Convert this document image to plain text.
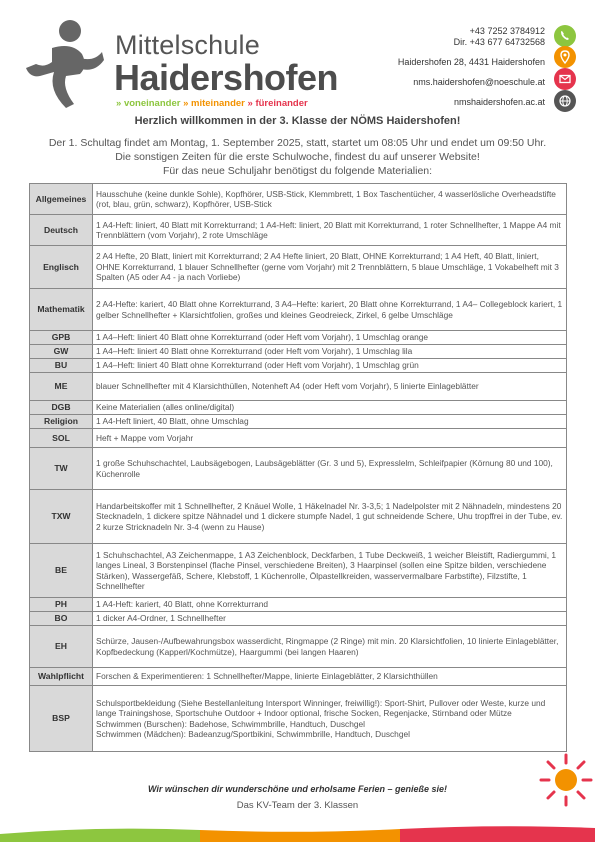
Mittelschule
Haidershofen
» voneinander » miteinander » füreinander
+43 7252 3784912
Dir. +43 677 64732568
Haidershofen 28, 4431 Haidershofen
nms.haidershofen@noeschule.at
nmshaidershofen.ac.at
Herzlich willkommen in der 3. Klasse der NÖMS Haidershofen!
Der 1. Schultag findet am Montag, 1. September 2025, statt, startet um 08:05 Uhr und endet um 09:50 Uhr.
Die sonstigen Zeiten für die erste Schulwoche, findest du auf unserer Website!
Für das neue Schuljahr benötigst du folgende Materialien:
Allgemeines	Hausschuhe (keine dunkle Sohle), Kopfhörer, USB-Stick, Klemmbrett, 1 Box Taschentücher, 4 wasserlösliche Overheadstifte (rot, blau, grün, schwarz), Kopfhörer, USB-Stick
Deutsch	1 A4-Heft: liniert, 40 Blatt mit Korrekturrand; 1 A4-Heft: liniert, 20 Blatt mit Korrekturrand, 1 roter Schnellhefter, 1 Mappe A4 mit Trennblättern (vom Vorjahr), 2 rote Umschläge
Englisch	2 A4 Hefte, 20 Blatt, liniert mit Korrekturrand; 2 A4 Hefte liniert, 20 Blatt, OHNE Korrekturrand; 1 A4 Heft, 40 Blatt, liniert, OHNE Korrekturrand, 1 blauer Schnellhefter (gerne vom Vorjahr) mit 2 Trennblättern, 5 blaue Umschläge, 1 Vokabelheft mit 3 Spalten (A5 oder A4 - ja nach Vorliebe)
Mathematik	2 A4-Hefte: kariert, 40 Blatt ohne Korrekturrand, 3 A4–Hefte: kariert, 20 Blatt ohne Korrekturrand, 1 A4– Collegeblock kariert, 1 gelber Schnellhefter + Klarsichtfolien, großes und kleines Geodreieck, Zirkel, 6 gelbe Umschläge
GPB	1 A4–Heft: liniert 40 Blatt ohne Korrekturrand (oder Heft vom Vorjahr), 1 Umschlag orange
GW	1 A4–Heft: liniert 40 Blatt ohne Korrekturrand (oder Heft vom Vorjahr), 1 Umschlag lila
BU	1 A4–Heft: liniert 40 Blatt ohne Korrekturrand (oder Heft vom Vorjahr), 1 Umschlag grün
ME	blauer Schnellhefter mit 4 Klarsichthüllen, Notenheft A4 (oder Heft vom Vorjahr), 5 linierte Einlageblätter
DGB	Keine Materialien (alles online/digital)
Religion	1 A4-Heft liniert, 40 Blatt, ohne Umschlag
SOL	Heft + Mappe vom Vorjahr
TW	1 große Schuhschachtel, Laubsägebogen, Laubsägeblätter (Gr. 3 und 5), Expresslelm, Schleifpapier (Körnung 80 und 100), Küchenrolle
TXW	Handarbeitskoffer mit 1 Schnellhefter, 2 Knäuel Wolle, 1 Häkelnadel Nr. 3-3,5; 1 Nadelpolster mit 2 Nähnadeln, mindestens 20 Stecknadeln, 1 dickere spitze Nähnadel und 1 dickere stumpfe Nadel, 1 gut schneidende Schere, Uhu tropffrei in der Tube, ev. 2 kurze Stricknadeln Nr. 3-4 (wenn zu Hause)
BE	1 Schuhschachtel, A3 Zeichenmappe, 1 A3 Zeichenblock, Deckfarben, 1 Tube Deckweiß, 1 weicher Bleistift, Radiergummi, 1 langes Lineal, 3 Borstenpinsel (flache Pinsel, verschiedene Breiten), 3 Haarpinsel (sollen eine Spitze bilden, verschiedene Stärken), Wassergefäß, Schere, Klebstoff, 1 Küchenrolle, Ölpastellkreiden, wasservermalbare Farbstifte), Filzstifte, 1 Schnellhefter
PH	1 A4-Heft: kariert, 40 Blatt, ohne Korrekturrand
BO	1 dicker A4-Ordner, 1 Schnellhefter
EH	Schürze, Jausen-/Aufbewahrungsbox wasserdicht, Ringmappe (2 Ringe) mit min. 20 Klarsichtfolien, 10 linierte Einlageblätter, Kopfbedeckung (Kapperl/Kochmütze), Haargummi (bei langen Haaren)
Wahlpflicht	Forschen & Experimentieren: 1 Schnellhefter/Mappe, linierte Einlageblätter, 2 Klarsichthüllen
BSP	Schulsportbekleidung (Siehe Bestellanleitung Intersport Winninger, freiwillig!): Sport-Shirt, Pullover oder Weste, kurze und lange Trainingshose, Sportschuhe Outdoor + Indoor optional, frische Socken, Regenjacke, Stirnband oder Mütze
Schwimmen (Burschen): Badehose, Schwimmbrille, Handtuch, Duschgel
Schwimmen (Mädchen): Badeanzug/Sportbikini, Schwimmbrille, Handtuch, Duschgel
Wir wünschen dir wunderschöne und erholsame Ferien – genieße sie!
Das KV-Team der 3. Klassen
